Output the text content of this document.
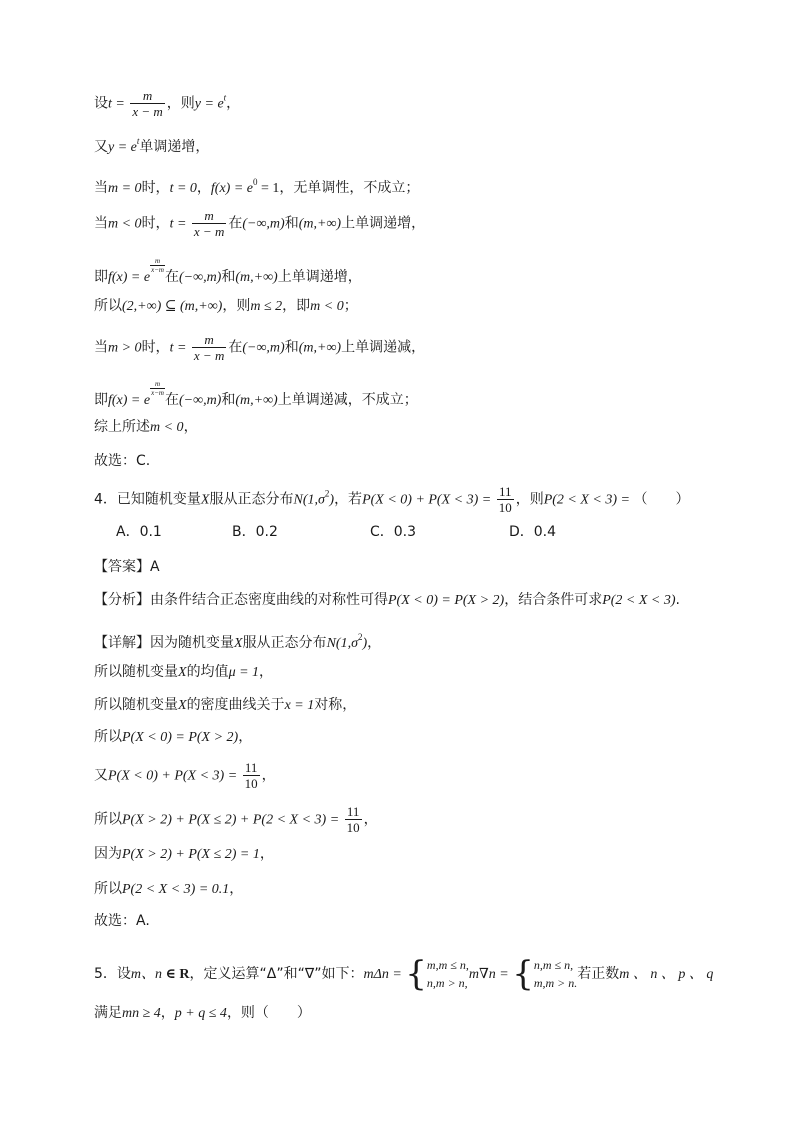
设$t = \frac{m}{x - m}$ ，则$y = e^t$，
又$y = e^t$单调递增，
当m = 0时，t = 0，$f(x) = e^0 = 1$，无单调性，不成立；
当m < 0时，$t = \frac{m}{x - m}$ 在(−∞,m)和(m,+∞)上单调递增，
即f(x) = e
$\frac{m}{x-m}$
在(−∞,m)和(m,+∞)上单调递增，
所以(2,+∞) ⊆ (m,+∞)，则m ≤ 2，即m < 0；
当m > 0时，$t = \frac{m}{x - m}$ 在(−∞,m)和(m,+∞)上单调递减，
即f(x) = e
$\frac{m}{x-m}$
在(−∞,m)和(m,+∞)上单调递减，不成立；
综上所述m < 0，
故选：C.
4．已知随机变量X服从正态分布$N(1,\sigma^2)$，若$P(X < 0) + P(X < 3) = \frac{11}{10}$ ，则P(2 < X < 3) = （　　）
A．0.1	B．0.2	C．0.3	D．0.4
【答案】A
【分析】由条件结合正态密度曲线的对称性可得P(X < 0) = P(X > 2)，结合条件可求P(2 < X < 3).
【详解】因为随机变量X服从正态分布$N(1,\sigma^2)$，
所以随机变量X的均值μ = 1，
所以随机变量X的密度曲线关于x = 1对称，
所以P(X < 0) = P(X > 2)，
又$P(X < 0) + P(X < 3) = \frac{11}{10}$ ，
所以$P(X > 2) + P(X \le 2) + P(2 < X < 3) = \frac{11}{10}$ ，
因为P(X > 2) + P(X ≤ 2) = 1，
所以P(2 < X < 3) = 0.1，
故选：A.
5．设m、n ∈ R，定义运算“Δ”和“∇”如下：mΔn = { m,m ≤ n,
n,m > n,
m∇n = { n,m ≤ n,
m,m > n.
若正数m 、 n 、 p 、 q
满足mn ≥ 4，p + q ≤ 4，则（　　）
